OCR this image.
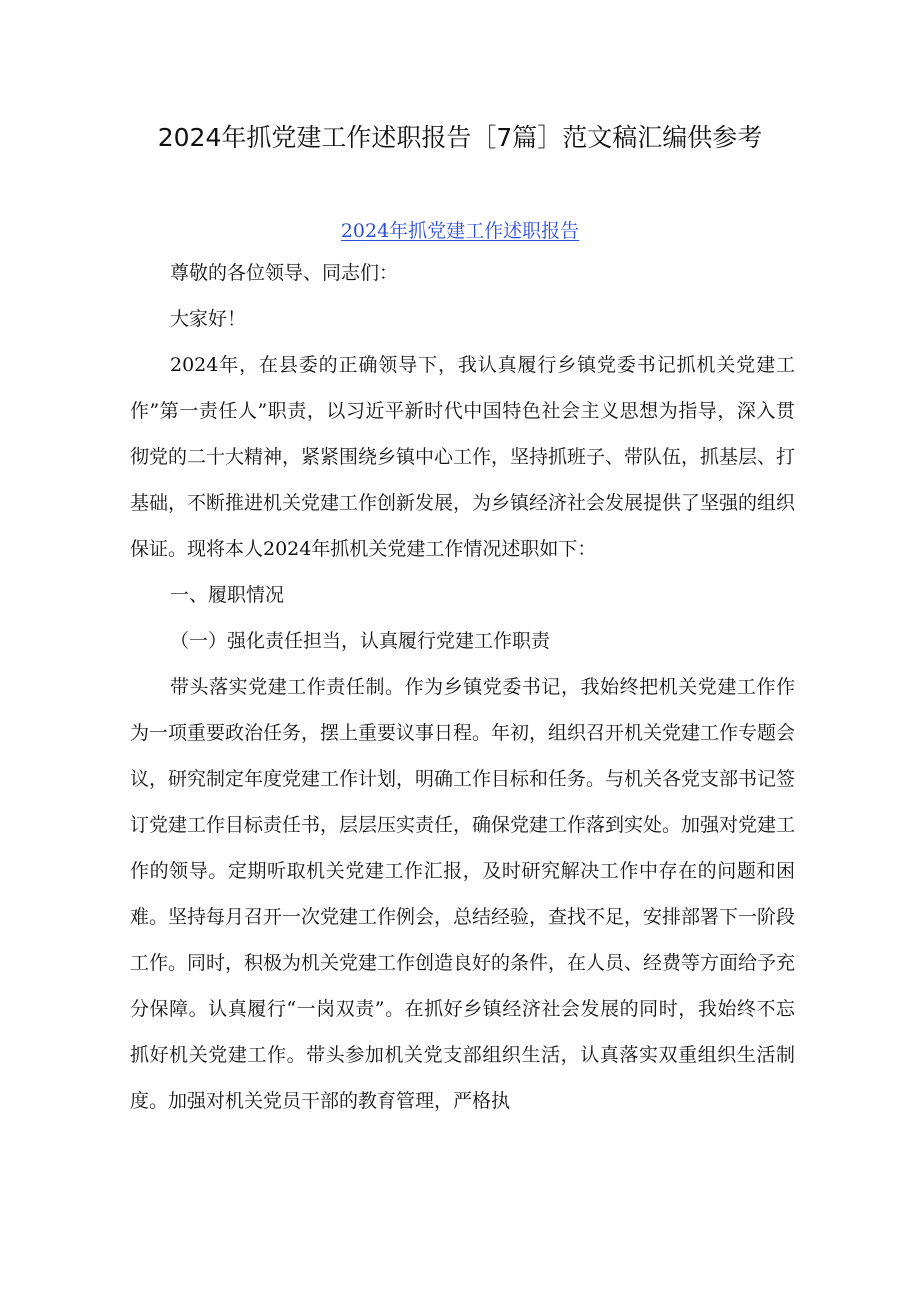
2024年抓党建工作述职报告［7篇］范文稿汇编供参考
2024年抓党建工作述职报告

尊敬的各位领导、同志们：

大家好！

2024年，在县委的正确领导下，我认真履行乡镇党委书记抓机关党建工作”第一责任人”职责，以习近平新时代中国特色社会主义思想为指导，深入贯彻党的二十大精神，紧紧围绕乡镇中心工作，坚持抓班子、带队伍，抓基层、打基础，不断推进机关党建工作创新发展，为乡镇经济社会发展提供了坚强的组织保证。现将本人2024年抓机关党建工作情况述职如下：

一、履职情况

（一）强化责任担当，认真履行党建工作职责

带头落实党建工作责任制。作为乡镇党委书记，我始终把机关党建工作作为一项重要政治任务，摆上重要议事日程。年初，组织召开机关党建工作专题会议，研究制定年度党建工作计划，明确工作目标和任务。与机关各党支部书记签订党建工作目标责任书，层层压实责任，确保党建工作落到实处。加强对党建工作的领导。定期听取机关党建工作汇报，及时研究解决工作中存在的问题和困难。坚持每月召开一次党建工作例会，总结经验，查找不足，安排部署下一阶段工作。同时，积极为机关党建工作创造良好的条件，在人员、经费等方面给予充分保障。认真履行“一岗双责”。在抓好乡镇经济社会发展的同时，我始终不忘抓好机关党建工作。带头参加机关党支部组织生活，认真落实双重组织生活制度。加强对机关党员干部的教育管理，严格执
